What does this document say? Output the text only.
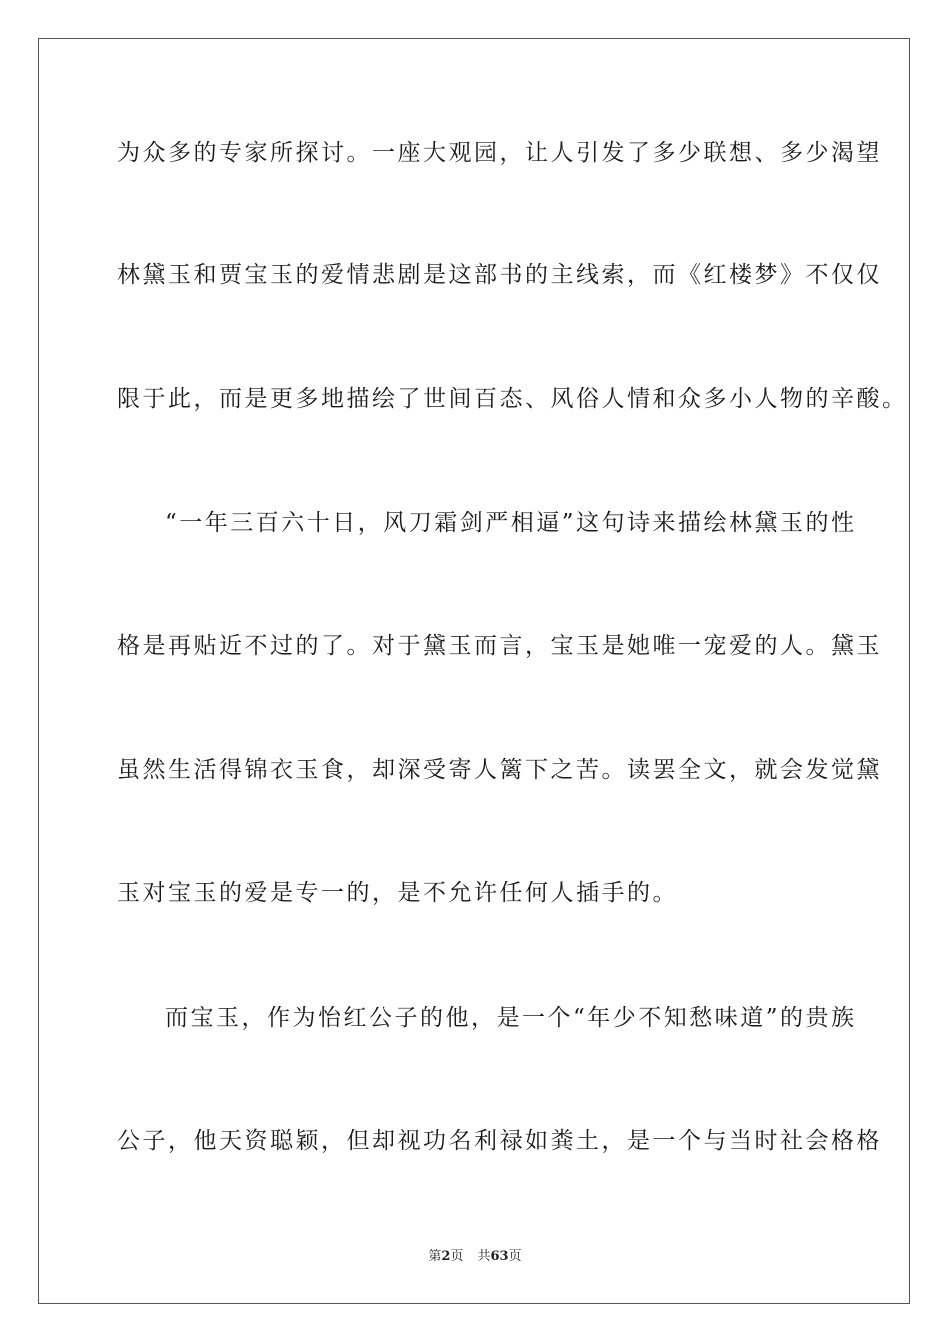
为众多的专家所探讨。一座大观园，让人引发了多少联想、多少渴望
林黛玉和贾宝玉的爱情悲剧是这部书的主线索，而《红楼梦》不仅仅
限于此，而是更多地描绘了世间百态、风俗人情和众多小人物的辛酸。
“一年三百六十日，风刀霜剑严相逼”这句诗来描绘林黛玉的性
格是再贴近不过的了。对于黛玉而言，宝玉是她唯一宠爱的人。黛玉
虽然生活得锦衣玉食，却深受寄人篱下之苦。读罢全文，就会发觉黛
玉对宝玉的爱是专一的，是不允许任何人插手的。
而宝玉，作为怡红公子的他，是一个“年少不知愁味道”的贵族
公子，他天资聪颖，但却视功名利禄如粪土，是一个与当时社会格格
第2页 共63页
